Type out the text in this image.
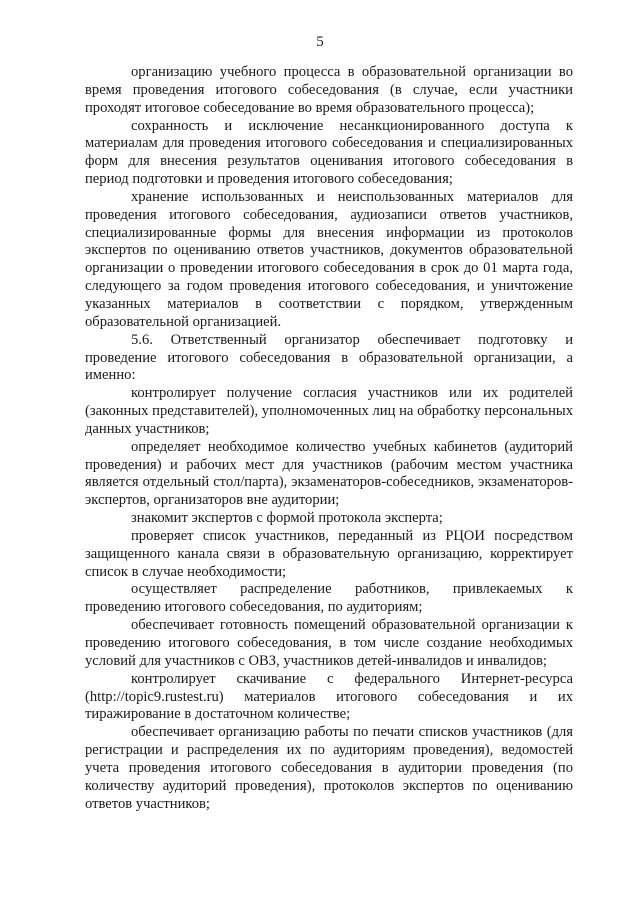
5

организацию учебного процесса в образовательной организации во время проведения итогового собеседования (в случае, если участники проходят итоговое собеседование во время образовательного процесса);

сохранность и исключение несанкционированного доступа к материалам для проведения итогового собеседования и специализированных форм для внесения результатов оценивания итогового собеседования в период подготовки и проведения итогового собеседования;

хранение использованных и неиспользованных материалов для проведения итогового собеседования, аудиозаписи ответов участников, специализированные формы для внесения информации из протоколов экспертов по оцениванию ответов участников, документов образовательной организации о проведении итогового собеседования в срок до 01 марта года, следующего за годом проведения итогового собеседования, и уничтожение указанных материалов в соответствии с порядком, утвержденным образовательной организацией.

5.6. Ответственный организатор обеспечивает подготовку и проведение итогового собеседования в образовательной организации, а именно:

контролирует получение согласия участников или их родителей (законных представителей), уполномоченных лиц на обработку персональных данных участников;

определяет необходимое количество учебных кабинетов (аудиторий проведения) и рабочих мест для участников (рабочим местом участника является отдельный стол/парта), экзаменаторов-собеседников, экзаменаторов-экспертов, организаторов вне аудитории;

знакомит экспертов с формой протокола эксперта;

проверяет список участников, переданный из РЦОИ посредством защищенного канала связи в образовательную организацию, корректирует список в случае необходимости;

осуществляет распределение работников, привлекаемых к проведению итогового собеседования, по аудиториям;

обеспечивает готовность помещений образовательной организации к проведению итогового собеседования, в том числе создание необходимых условий для участников с ОВЗ, участников детей-инвалидов и инвалидов;

контролирует скачивание с федерального Интернет-ресурса (http://topic9.rustest.ru) материалов итогового собеседования и их тиражирование в достаточном количестве;

обеспечивает организацию работы по печати списков участников (для регистрации и распределения их по аудиториям проведения), ведомостей учета проведения итогового собеседования в аудитории проведения (по количеству аудиторий проведения), протоколов экспертов по оцениванию ответов участников;
